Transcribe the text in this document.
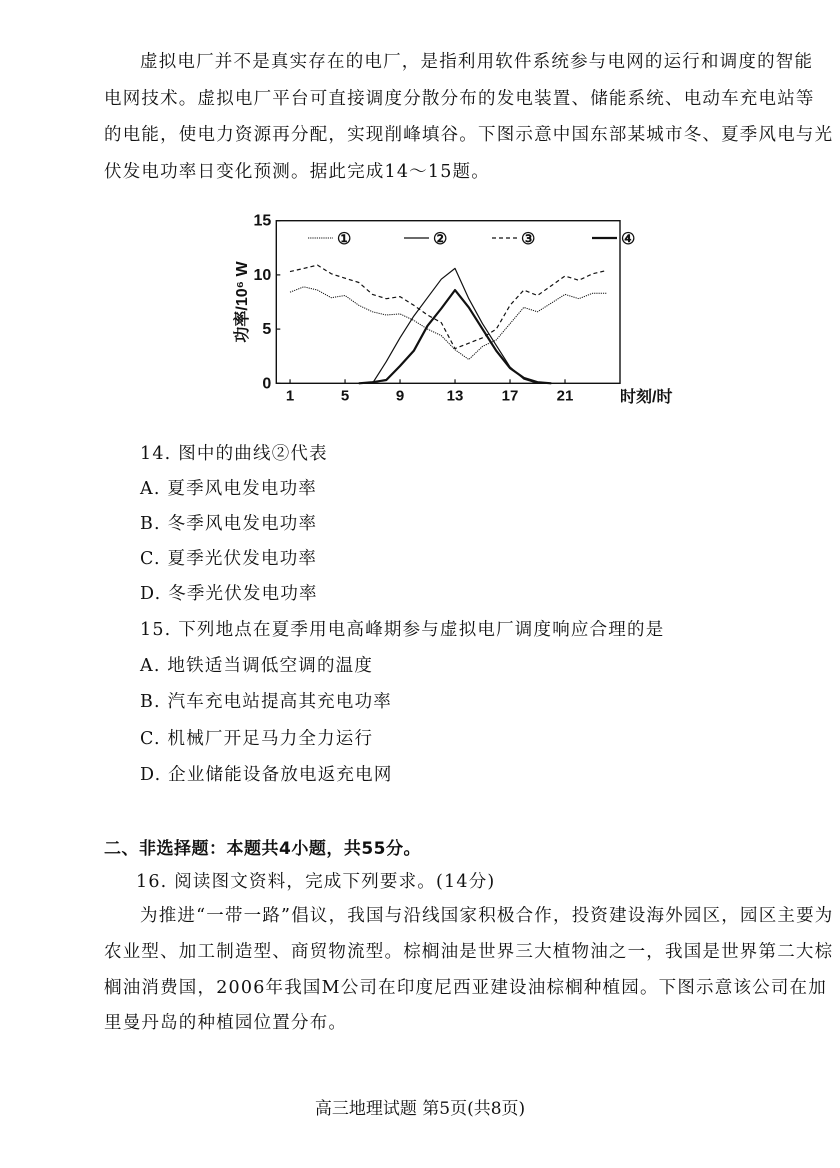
虚拟电厂并不是真实存在的电厂，是指利用软件系统参与电网的运行和调度的智能
电网技术。虚拟电厂平台可直接调度分散分布的发电装置、储能系统、电动车充电站等
的电能，使电力资源再分配，实现削峰填谷。下图示意中国东部某城市冬、夏季风电与光
伏发电功率日变化预测。据此完成14～15题。
1	5	9	13	17	21
0
5
10
15
①	②	③	④
功率/10⁶ W
时刻/时
14. 图中的曲线②代表
A. 夏季风电发电功率
B. 冬季风电发电功率
C. 夏季光伏发电功率
D. 冬季光伏发电功率
15. 下列地点在夏季用电高峰期参与虚拟电厂调度响应合理的是
A. 地铁适当调低空调的温度
B. 汽车充电站提高其充电功率
C. 机械厂开足马力全力运行
D. 企业储能设备放电返充电网
二、非选择题：本题共4小题，共55分。
16. 阅读图文资料，完成下列要求。(14分)
为推进“一带一路”倡议，我国与沿线国家积极合作，投资建设海外园区，园区主要为
农业型、加工制造型、商贸物流型。棕榈油是世界三大植物油之一，我国是世界第二大棕
榈油消费国，2006年我国M公司在印度尼西亚建设油棕榈种植园。下图示意该公司在加
里曼丹岛的种植园位置分布。
高三地理试题 第5页(共8页)
